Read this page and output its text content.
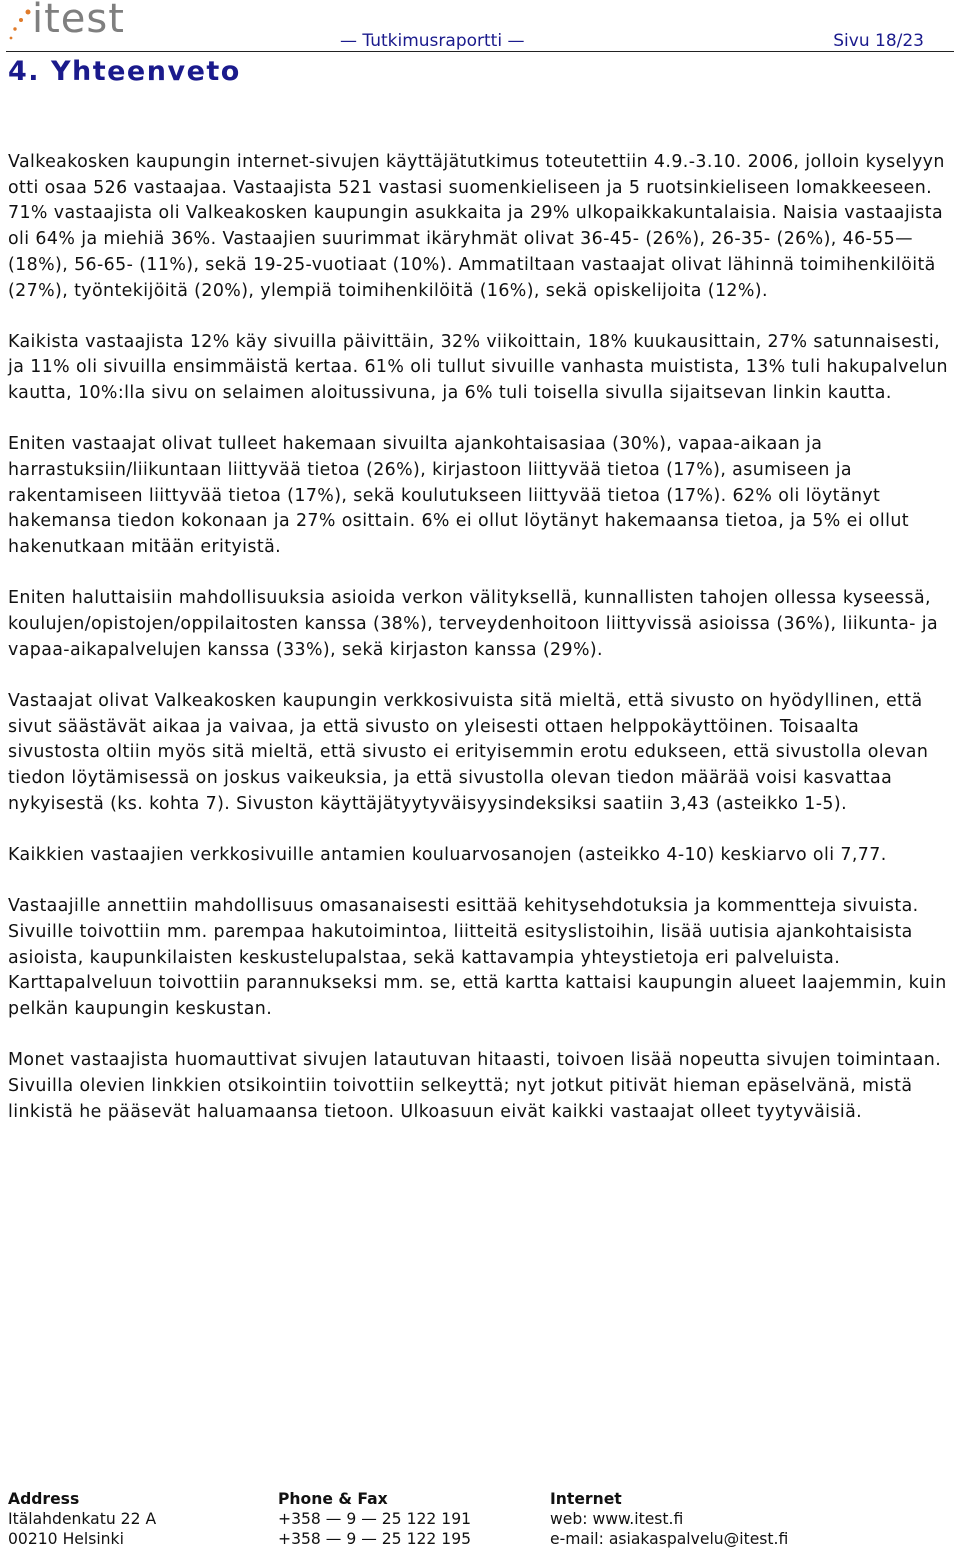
itest	— Tutkimusraportti —	Sivu 18/23
4. Yhteenveto

Valkeakosken kaupungin internet-sivujen käyttäjätutkimus toteutettiin 4.9.-3.10. 2006, jolloin kyselyyn otti osaa 526 vastaajaa. Vastaajista 521 vastasi suomenkieliseen ja 5 ruotsinkieliseen lomakkeeseen. 71% vastaajista oli Valkeakosken kaupungin asukkaita ja 29% ulkopaikkakuntalaisia. Naisia vastaajista oli 64% ja miehiä 36%. Vastaajien suurimmat ikäryhmät olivat 36-45- (26%), 26-35- (26%), 46-55— (18%), 56-65- (11%), sekä 19-25-vuotiaat (10%). Ammatiltaan vastaajat olivat lähinnä toimihenkilöitä (27%), työntekijöitä (20%), ylempiä toimihenkilöitä (16%), sekä opiskelijoita (12%).

Kaikista vastaajista 12% käy sivuilla päivittäin, 32% viikoittain, 18% kuukausittain, 27% satunnaisesti, ja 11% oli sivuilla ensimmäistä kertaa. 61% oli tullut sivuille vanhasta muistista, 13% tuli hakupalvelun kautta, 10%:lla sivu on selaimen aloitussivuna, ja 6% tuli toisella sivulla sijaitsevan linkin kautta.

Eniten vastaajat olivat tulleet hakemaan sivuilta ajankohtaisasiaa (30%), vapaa-aikaan ja harrastuksiin/liikuntaan liittyvää tietoa (26%), kirjastoon liittyvää tietoa (17%), asumiseen ja rakentamiseen liittyvää tietoa (17%), sekä koulutukseen liittyvää tietoa (17%). 62% oli löytänyt hakemansa tiedon kokonaan ja 27% osittain. 6% ei ollut löytänyt hakemaansa tietoa, ja 5% ei ollut hakenutkaan mitään erityistä.

Eniten haluttaisiin mahdollisuuksia asioida verkon välityksellä, kunnallisten tahojen ollessa kyseessä, koulujen/opistojen/oppilaitosten kanssa (38%), terveydenhoitoon liittyvissä asioissa (36%), liikunta- ja vapaa-aikapalvelujen kanssa (33%), sekä kirjaston kanssa (29%).

Vastaajat olivat Valkeakosken kaupungin verkkosivuista sitä mieltä, että sivusto on hyödyllinen, että sivut säästävät aikaa ja vaivaa, ja että sivusto on yleisesti ottaen helppokäyttöinen. Toisaalta sivustosta oltiin myös sitä mieltä, että sivusto ei erityisemmin erotu edukseen, että sivustolla olevan tiedon löytämisessä on joskus vaikeuksia, ja että sivustolla olevan tiedon määrää voisi kasvattaa nykyisestä (ks. kohta 7). Sivuston käyttäjätyytyväisyysindeksiksi saatiin 3,43 (asteikko 1-5).

Kaikkien vastaajien verkkosivuille antamien kouluarvosanojen (asteikko 4-10) keskiarvo oli 7,77.

Vastaajille annettiin mahdollisuus omasanaisesti esittää kehitysehdotuksia ja kommentteja sivuista. Sivuille toivottiin mm. parempaa hakutoimintoa, liitteitä esityslistoihin, lisää uutisia ajankohtaisista asioista, kaupunkilaisten keskustelupalstaa, sekä kattavampia yhteystietoja eri palveluista. Karttapalveluun toivottiin parannukseksi mm. se, että kartta kattaisi kaupungin alueet laajemmin, kuin pelkän kaupungin keskustan.

Monet vastaajista huomauttivat sivujen latautuvan hitaasti, toivoen lisää nopeutta sivujen toimintaan. Sivuilla olevien linkkien otsikointiin toivottiin selkeyttä; nyt jotkut pitivät hieman epäselvänä, mistä linkistä he pääsevät haluamaansa tietoon. Ulkoasuun eivät kaikki vastaajat olleet tyytyväisiä.

Address
Itälahdenkatu 22 A
00210 Helsinki
Phone & Fax
+358 — 9 — 25 122 191
+358 — 9 — 25 122 195
Internet
web: www.itest.fi
e-mail: asiakaspalvelu@itest.fi
